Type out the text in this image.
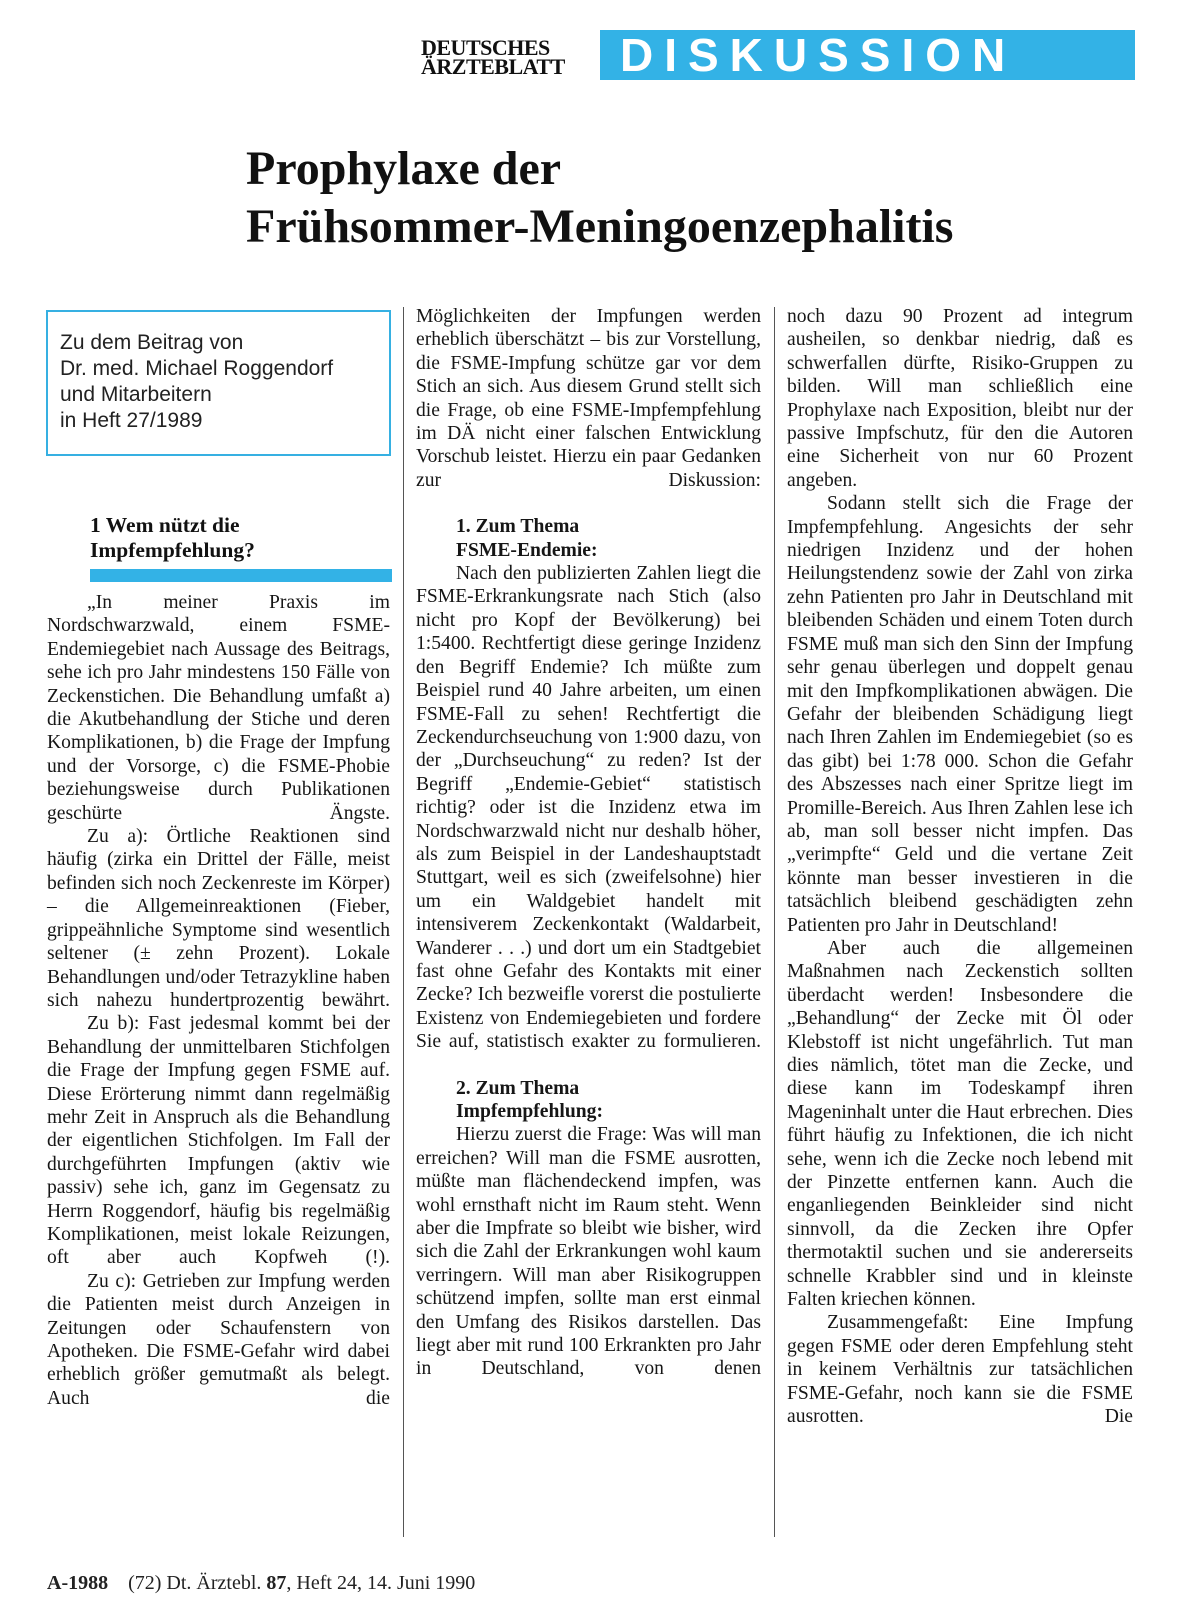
DEUTSCHES
ÄRZTEBLATT	DISKUSSION
Prophylaxe der
Frühsommer-Meningoenzephalitis
Zu dem Beitrag von
Dr. med. Michael Roggendorf
und Mitarbeitern
in Heft 27/1989
1 Wem nützt die
Impfempfehlung?

„In meiner Praxis im Nordschwarzwald, einem FSME-Endemiegebiet nach Aussage des Beitrags, sehe ich pro Jahr mindestens 150 Fälle von Zeckenstichen. Die Behandlung umfaßt a) die Akutbehandlung der Stiche und deren Komplikationen, b) die Frage der Impfung und der Vorsorge, c) die FSME-Phobie beziehungsweise durch Publikationen geschürte Ängste.

Zu a): Örtliche Reaktionen sind häufig (zirka ein Drittel der Fälle, meist befinden sich noch Zeckenreste im Körper) – die Allgemeinreaktionen (Fieber, grippeähnliche Symptome sind wesentlich seltener (± zehn Prozent). Lokale Behandlungen und/oder Tetrazykline haben sich nahezu hundertprozentig bewährt.

Zu b): Fast jedesmal kommt bei der Behandlung der unmittelbaren Stichfolgen die Frage der Impfung gegen FSME auf. Diese Erörterung nimmt dann regelmäßig mehr Zeit in Anspruch als die Behandlung der eigentlichen Stichfolgen. Im Fall der durchgeführten Impfungen (aktiv wie passiv) sehe ich, ganz im Gegensatz zu Herrn Roggendorf, häufig bis regelmäßig Komplikationen, meist lokale Reizungen, oft aber auch Kopfweh (!).

Zu c): Getrieben zur Impfung werden die Patienten meist durch Anzeigen in Zeitungen oder Schaufenstern von Apotheken. Die FSME-Gefahr wird dabei erheblich größer gemutmaßt als belegt. Auch die

Möglichkeiten der Impfungen werden erheblich überschätzt – bis zur Vorstellung, die FSME-Impfung schütze gar vor dem Stich an sich. Aus diesem Grund stellt sich die Frage, ob eine FSME-Impfempfehlung im DÄ nicht einer falschen Entwicklung Vorschub leistet. Hierzu ein paar Gedanken zur Diskussion:

1. Zum Thema
FSME-Endemie:

Nach den publizierten Zahlen liegt die FSME-Erkrankungsrate nach Stich (also nicht pro Kopf der Bevölkerung) bei 1:5400. Rechtfertigt diese geringe Inzidenz den Begriff Endemie? Ich müßte zum Beispiel rund 40 Jahre arbeiten, um einen FSME-Fall zu sehen! Rechtfertigt die Zeckendurchseuchung von 1:900 dazu, von der „Durchseuchung“ zu reden? Ist der Begriff „Endemie-Gebiet“ statistisch richtig? oder ist die Inzidenz etwa im Nordschwarzwald nicht nur deshalb höher, als zum Beispiel in der Landeshauptstadt Stuttgart, weil es sich (zweifelsohne) hier um ein Waldgebiet handelt mit intensiverem Zeckenkontakt (Waldarbeit, Wanderer . . .) und dort um ein Stadtgebiet fast ohne Gefahr des Kontakts mit einer Zecke? Ich bezweifle vorerst die postulierte Existenz von Endemiegebieten und fordere Sie auf, statistisch exakter zu formulieren.

2. Zum Thema
Impfempfehlung:

Hierzu zuerst die Frage: Was will man erreichen? Will man die FSME ausrotten, müßte man flächendeckend impfen, was wohl ernsthaft nicht im Raum steht. Wenn aber die Impfrate so bleibt wie bisher, wird sich die Zahl der Erkrankungen wohl kaum verringern. Will man aber Risikogruppen schützend impfen, sollte man erst einmal den Umfang des Risikos darstellen. Das liegt aber mit rund 100 Erkrankten pro Jahr in Deutschland, von denen

noch dazu 90 Prozent ad integrum ausheilen, so denkbar niedrig, daß es schwerfallen dürfte, Risiko-Gruppen zu bilden. Will man schließlich eine Prophylaxe nach Exposition, bleibt nur der passive Impfschutz, für den die Autoren eine Sicherheit von nur 60 Prozent angeben.

Sodann stellt sich die Frage der Impfempfehlung. Angesichts der sehr niedrigen Inzidenz und der hohen Heilungstendenz sowie der Zahl von zirka zehn Patienten pro Jahr in Deutschland mit bleibenden Schäden und einem Toten durch FSME muß man sich den Sinn der Impfung sehr genau überlegen und doppelt genau mit den Impfkomplikationen abwägen. Die Gefahr der bleibenden Schädigung liegt nach Ihren Zahlen im Endemiegebiet (so es das gibt) bei 1:78 000. Schon die Gefahr des Abszesses nach einer Spritze liegt im Promille-Bereich. Aus Ihren Zahlen lese ich ab, man soll besser nicht impfen. Das „verimpfte“ Geld und die vertane Zeit könnte man besser investieren in die tatsächlich bleibend geschädigten zehn Patienten pro Jahr in Deutschland!

Aber auch die allgemeinen Maßnahmen nach Zeckenstich sollten überdacht werden! Insbesondere die „Behandlung“ der Zecke mit Öl oder Klebstoff ist nicht ungefährlich. Tut man dies nämlich, tötet man die Zecke, und diese kann im Todeskampf ihren Mageninhalt unter die Haut erbrechen. Dies führt häufig zu Infektionen, die ich nicht sehe, wenn ich die Zecke noch lebend mit der Pinzette entfernen kann. Auch die enganliegenden Beinkleider sind nicht sinnvoll, da die Zecken ihre Opfer thermotaktil suchen und sie andererseits schnelle Krabbler sind und in kleinste Falten kriechen können.

Zusammengefaßt: Eine Impfung gegen FSME oder deren Empfehlung steht in keinem Verhältnis zur tatsächlichen FSME-Gefahr, noch kann sie die FSME ausrotten. Die

A-1988 (72) Dt. Ärztebl. 87, Heft 24, 14. Juni 1990
